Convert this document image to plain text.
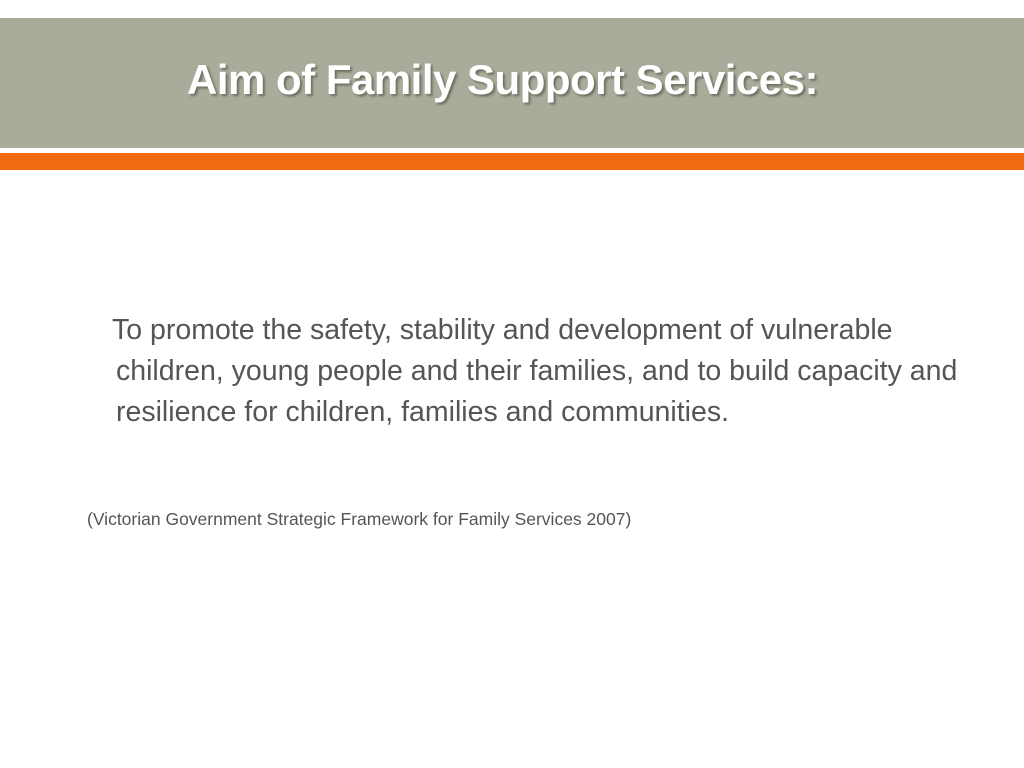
Aim of Family Support Services:

To promote the safety, stability and development of vulnerable children, young people and their families, and to build capacity and resilience for children, families and communities.

(Victorian Government Strategic Framework for Family Services 2007)
